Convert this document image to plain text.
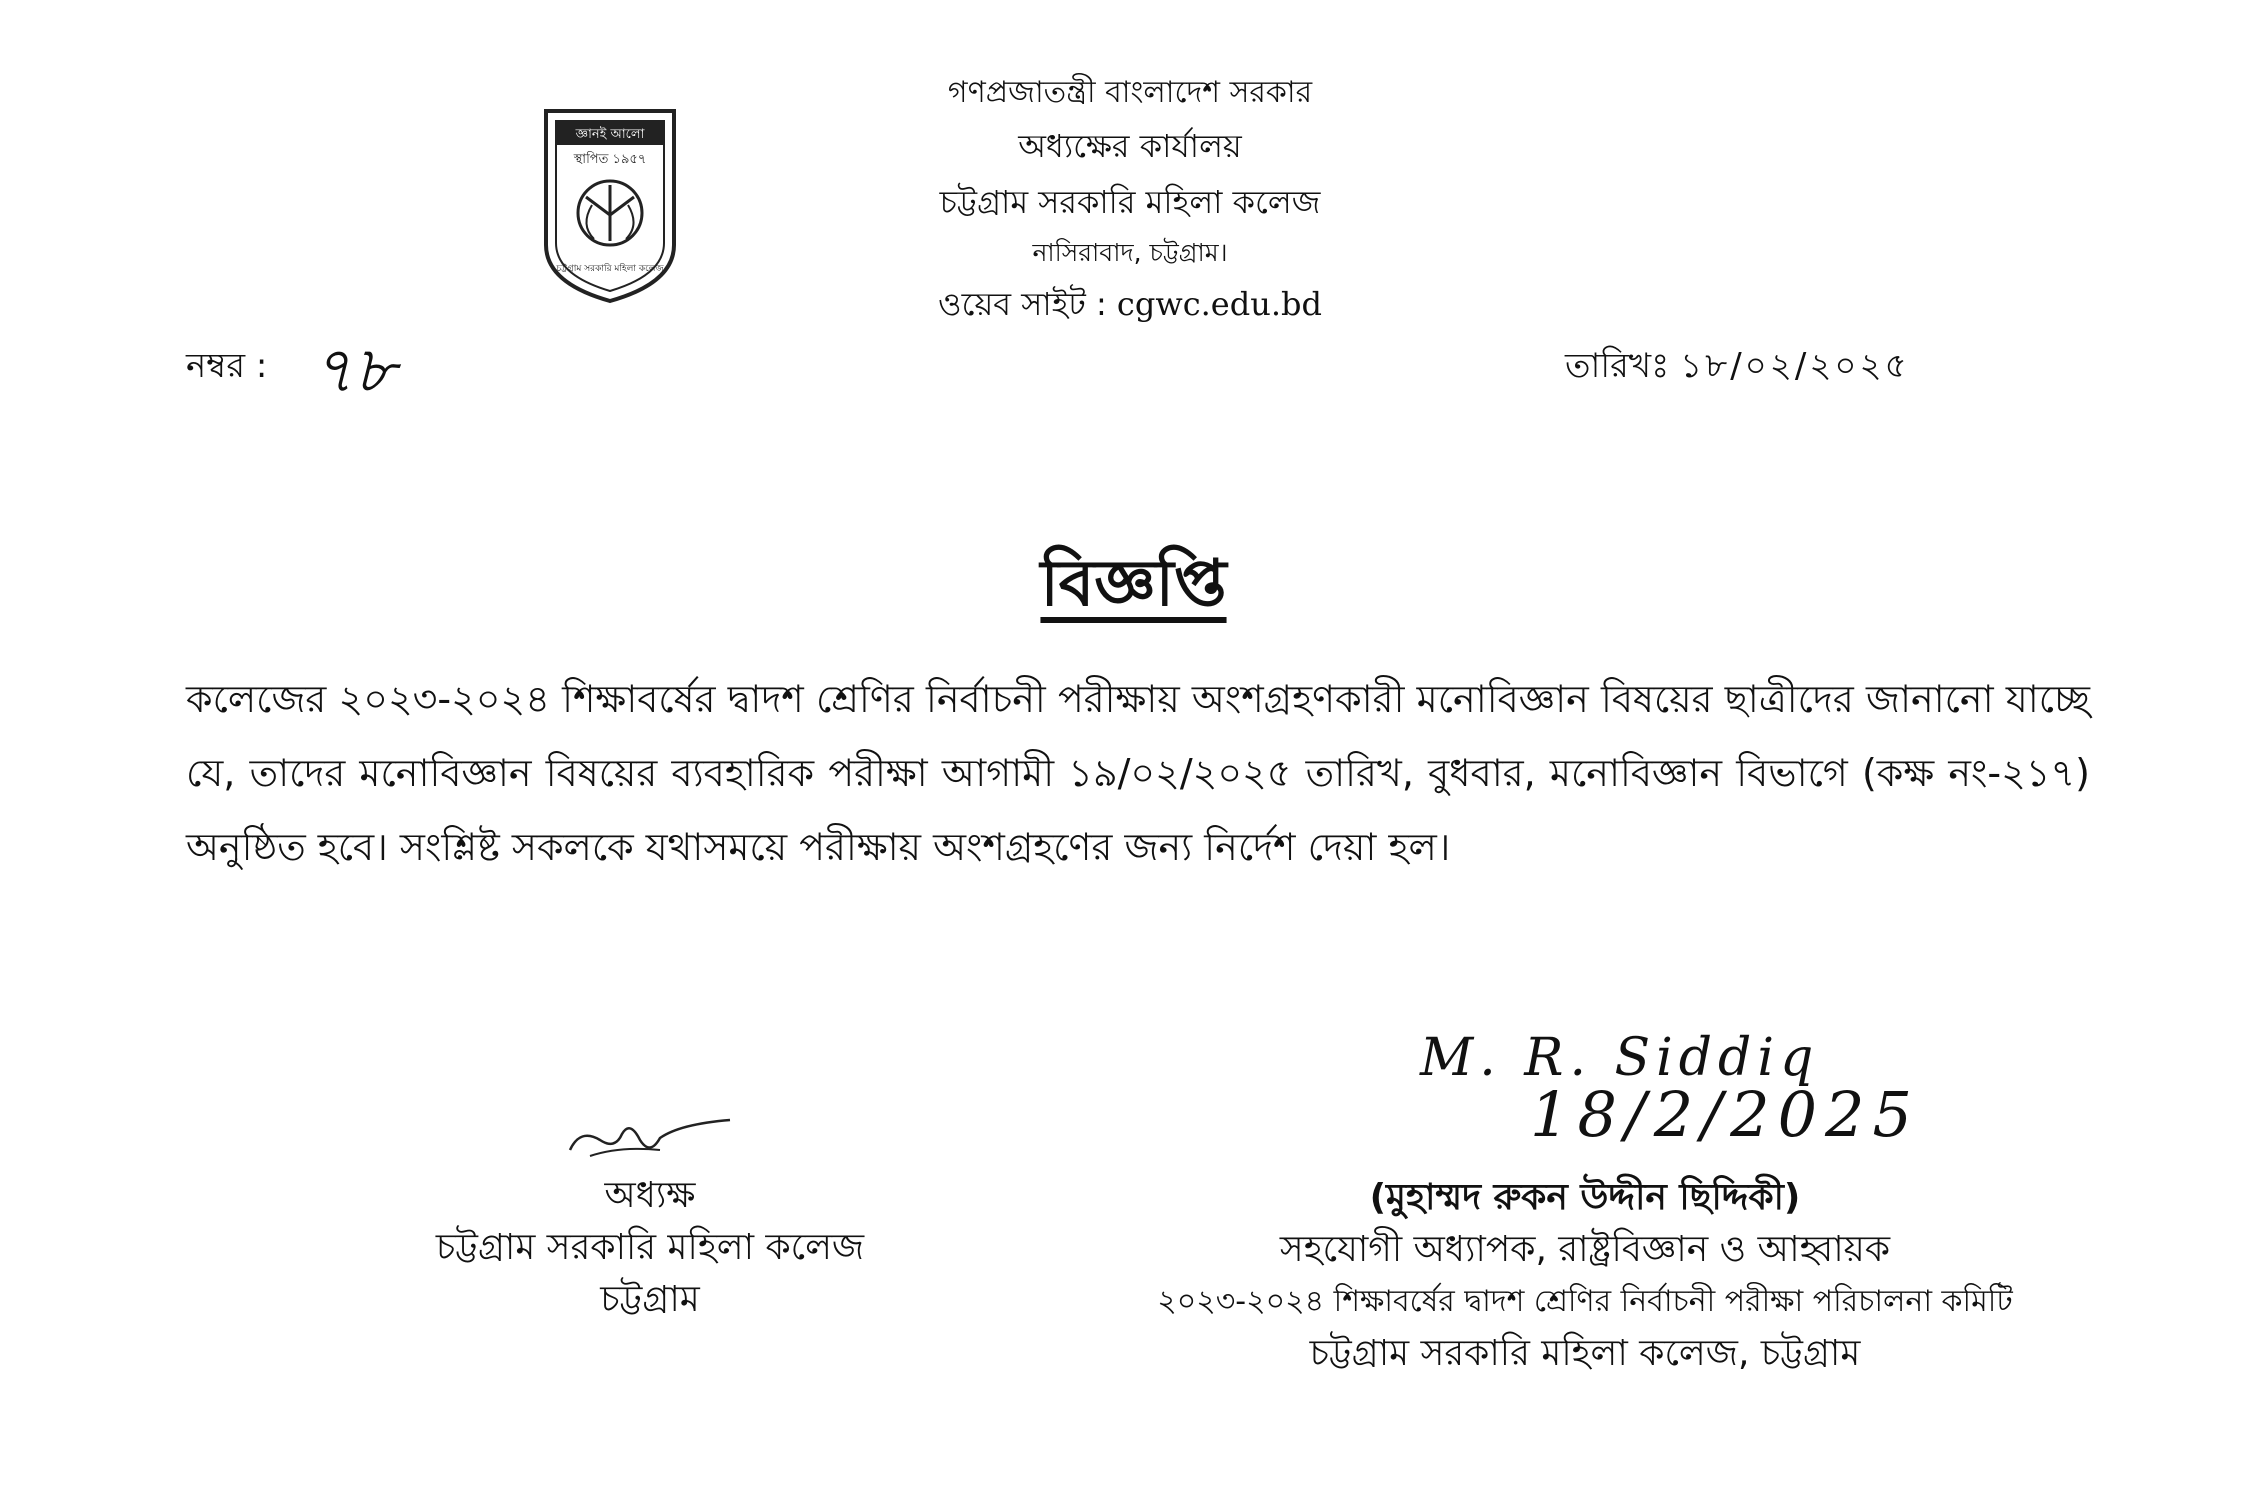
জ্ঞানই আলো
স্থাপিত ১৯৫৭
চট্টগ্রাম সরকারি মহিলা কলেজ
গণপ্রজাতন্ত্রী বাংলাদেশ সরকার
অধ্যক্ষের কার্যালয়
চট্টগ্রাম সরকারি মহিলা কলেজ
নাসিরাবাদ, চট্টগ্রাম।
ওয়েব সাইট : cgwc.edu.bd
নম্বর : ৭৮	তারিখঃ ১৮/০২/২০২৫
বিজ্ঞপ্তি
কলেজের ২০২৩-২০২৪ শিক্ষাবর্ষের দ্বাদশ শ্রেণির নির্বাচনী পরীক্ষায় অংশগ্রহণকারী মনোবিজ্ঞান বিষয়ের ছাত্রীদের জানানো যাচ্ছে যে, তাদের মনোবিজ্ঞান বিষয়ের ব্যবহারিক পরীক্ষা আগামী ১৯/০২/২০২৫ তারিখ, বুধবার, মনোবিজ্ঞান বিভাগে (কক্ষ নং-২১৭) অনুষ্ঠিত হবে। সংশ্লিষ্ট সকলকে যথাসময়ে পরীক্ষায় অংশগ্রহণের জন্য নির্দেশ দেয়া হল।
অধ্যক্ষ
চট্টগ্রাম সরকারি মহিলা কলেজ
চট্টগ্রাম
M. R. Siddiq
18/2/2025
(মুহাম্মদ রুকন উদ্দীন ছিদ্দিকী)
সহযোগী অধ্যাপক, রাষ্ট্রবিজ্ঞান ও আহ্বায়ক
২০২৩-২০২৪ শিক্ষাবর্ষের দ্বাদশ শ্রেণির নির্বাচনী পরীক্ষা পরিচালনা কমিটি
চট্টগ্রাম সরকারি মহিলা কলেজ, চট্টগ্রাম
